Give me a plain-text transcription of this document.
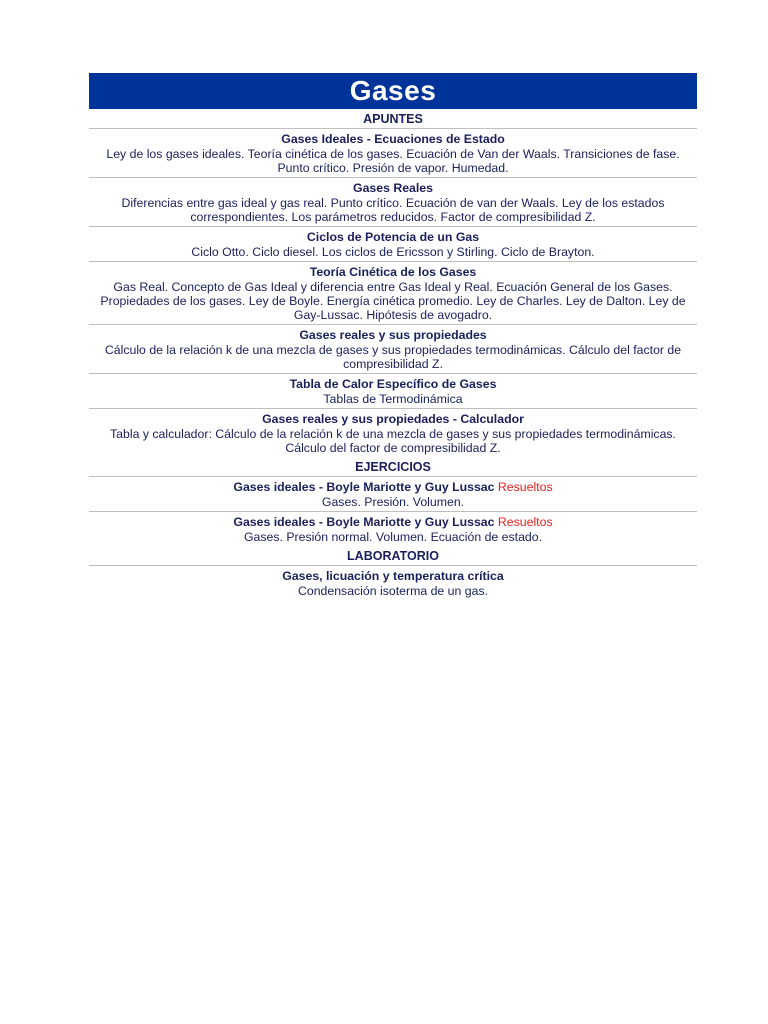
Gases
APUNTES
Gases Ideales - Ecuaciones de Estado
Ley de los gases ideales. Teoría cinética de los gases. Ecuación de Van der Waals. Transiciones de fase. Punto crítico. Presión de vapor. Humedad.
Gases Reales
Diferencias entre gas ideal y gas real. Punto crítico. Ecuación de van der Waals. Ley de los estados correspondientes. Los parámetros reducidos. Factor de compresibilidad Z.
Ciclos de Potencia de un Gas
Ciclo Otto. Ciclo diesel. Los ciclos de Ericsson y Stirling. Ciclo de Brayton.
Teoría Cinética de los Gases
Gas Real. Concepto de Gas Ideal y diferencia entre Gas Ideal y Real. Ecuación General de los Gases. Propiedades de los gases. Ley de Boyle. Energía cinética promedio. Ley de Charles. Ley de Dalton. Ley de Gay-Lussac. Hipótesis de avogadro.
Gases reales y sus propiedades
Cálculo de la relación k de una mezcla de gases y sus propiedades termodinámicas. Cálculo del factor de compresibilidad Z.
Tabla de Calor Específico de Gases
Tablas de Termodinámica
Gases reales y sus propiedades - Calculador
Tabla y calculador: Cálculo de la relación k de una mezcla de gases y sus propiedades termodinámicas. Cálculo del factor de compresibilidad Z.
EJERCICIOS
Gases ideales - Boyle Mariotte y Guy Lussac Resueltos
Gases. Presión. Volumen.
Gases ideales - Boyle Mariotte y Guy Lussac Resueltos
Gases. Presión normal. Volumen. Ecuación de estado.
LABORATORIO
Gases, licuación y temperatura crítica
Condensación isoterma de un gas.
